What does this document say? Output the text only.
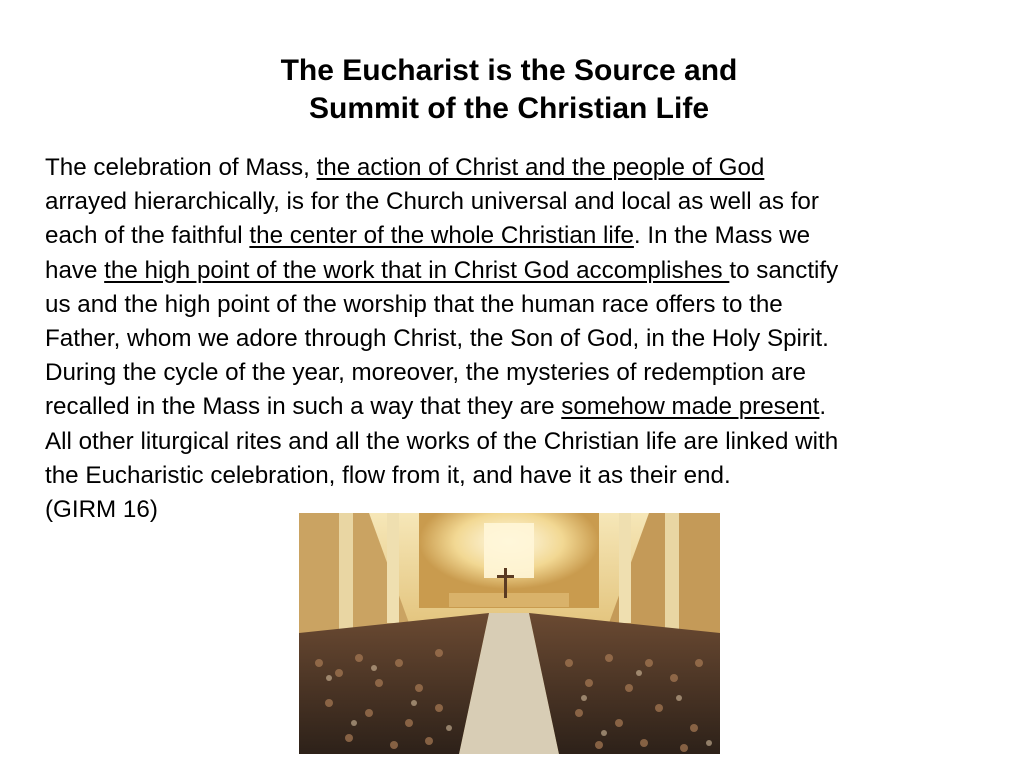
The Eucharist is the Source and
Summit of the Christian Life
The celebration of Mass, the action of Christ and the people of God
arrayed hierarchically, is for the Church universal and local as well as for
each of the faithful the center of the whole Christian life. In the Mass we
have the high point of the work that in Christ God accomplishes to sanctify
us and the high point of the worship that the human race offers to the
Father, whom we adore through Christ, the Son of God, in the Holy Spirit.
During the cycle of the year, moreover, the mysteries of redemption are
recalled in the Mass in such a way that they are somehow made present.
All other liturgical rites and all the works of the Christian life are linked with
the Eucharistic celebration, flow from it, and have it as their end.
(GIRM 16)
